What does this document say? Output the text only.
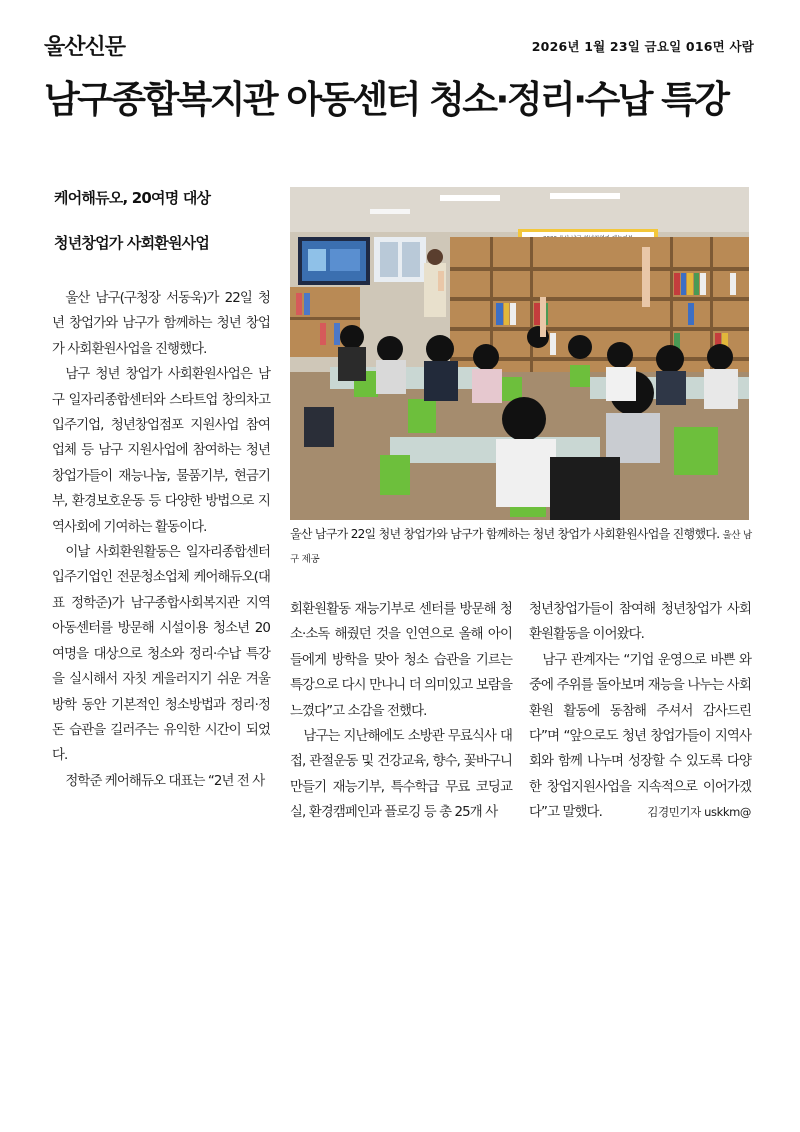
울산신문	2026년 1월 23일 금요일 016면 사람
남구종합복지관 아동센터 청소·정리·수납 특강
케어해듀오, 20여명 대상
청년창업가 사회환원사업

울산 남구(구청장 서동욱)가 22일 청년 창업가와 남구가 함께하는 청년 창업가 사회환원사업을 진행했다.

남구 청년 창업가 사회환원사업은 남구 일자리종합센터와 스타트업 창의차고 입주기업, 청년창업점포 지원사업 참여업체 등 남구 지원사업에 참여하는 청년 창업가들이 재능나눔, 물품기부, 현금기부, 환경보호운동 등 다양한 방법으로 지역사회에 기여하는 활동이다.

이날 사회환원활동은 일자리종합센터 입주기업인 전문청소업체 케어해듀오(대표 정학준)가 남구종합사회복지관 지역아동센터를 방문해 시설이용 청소년 20여명을 대상으로 청소와 정리·수납 특강을 실시해서 자칫 게을러지기 쉬운 겨울방학 동안 기본적인 청소방법과 정리·정돈 습관을 길러주는 유익한 시간이 되었다.

정학준 케어해듀오 대표는 “2년 전 사

울산 남구가 22일 청년 창업가와 남구가 함께하는 청년 창업가 사회환원사업을 진행했다. 울산 남구 제공

회환원활동 재능기부로 센터를 방문해 청소·소독 해줬던 것을 인연으로 올해 아이들에게 방학을 맞아 청소 습관을 기르는 특강으로 다시 만나니 더 의미있고 보람을 느꼈다”고 소감을 전했다.

남구는 지난해에도 소방관 무료식사 대접, 관절운동 및 건강교육, 향수, 꽃바구니 만들기 재능기부, 특수학급 무료 코딩교실, 환경캠페인과 플로깅 등 총 25개 사

청년창업가들이 참여해 청년창업가 사회환원활동을 이어왔다.

남구 관계자는 “기업 운영으로 바쁜 와중에 주위를 돌아보며 재능을 나누는 사회환원 활동에 동참해 주셔서 감사드린다”며 “앞으로도 청년 창업가들이 지역사회와 함께 나누며 성장할 수 있도록 다양한 창업지원사업을 지속적으로 이어가겠다”고 말했다.	김경민기자 uskkm@
